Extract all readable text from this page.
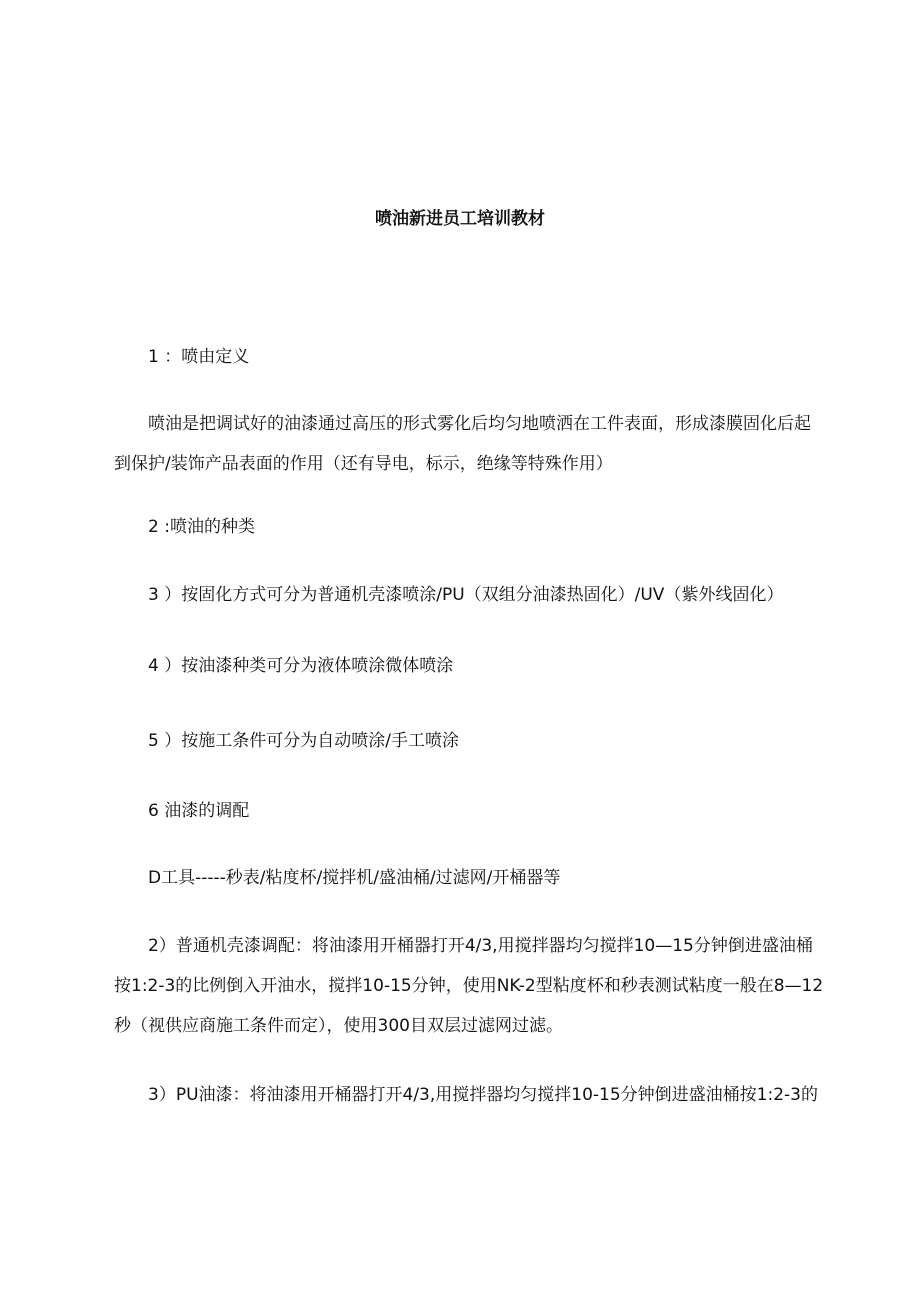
喷油新进员工培训教材
1 ：喷由定义
喷油是把调试好的油漆通过高压的形式雾化后均匀地喷洒在工件表面，形成漆膜固化后起
到保护/装饰产品表面的作用（还有导电，标示，绝缘等特殊作用）
2 :喷油的种类
3 ）按固化方式可分为普通机壳漆喷涂/PU（双组分油漆热固化）/UV（紫外线固化）
4 ）按油漆种类可分为液体喷涂微体喷涂
5 ）按施工条件可分为自动喷涂/手工喷涂
6 油漆的调配
D工具-----秒表/粘度杯/搅拌机/盛油桶/过滤网/开桶器等
2）普通机壳漆调配：将油漆用开桶器打开4/3,用搅拌器均匀搅拌10—15分钟倒进盛油桶
按1:2-3的比例倒入开油水，搅拌10-15分钟，使用NK-2型粘度杯和秒表测试粘度一般在8—12
秒（视供应商施工条件而定），使用300目双层过滤网过滤。
3）PU油漆：将油漆用开桶器打开4/3,用搅拌器均匀搅拌10-15分钟倒进盛油桶按1:2-3的
